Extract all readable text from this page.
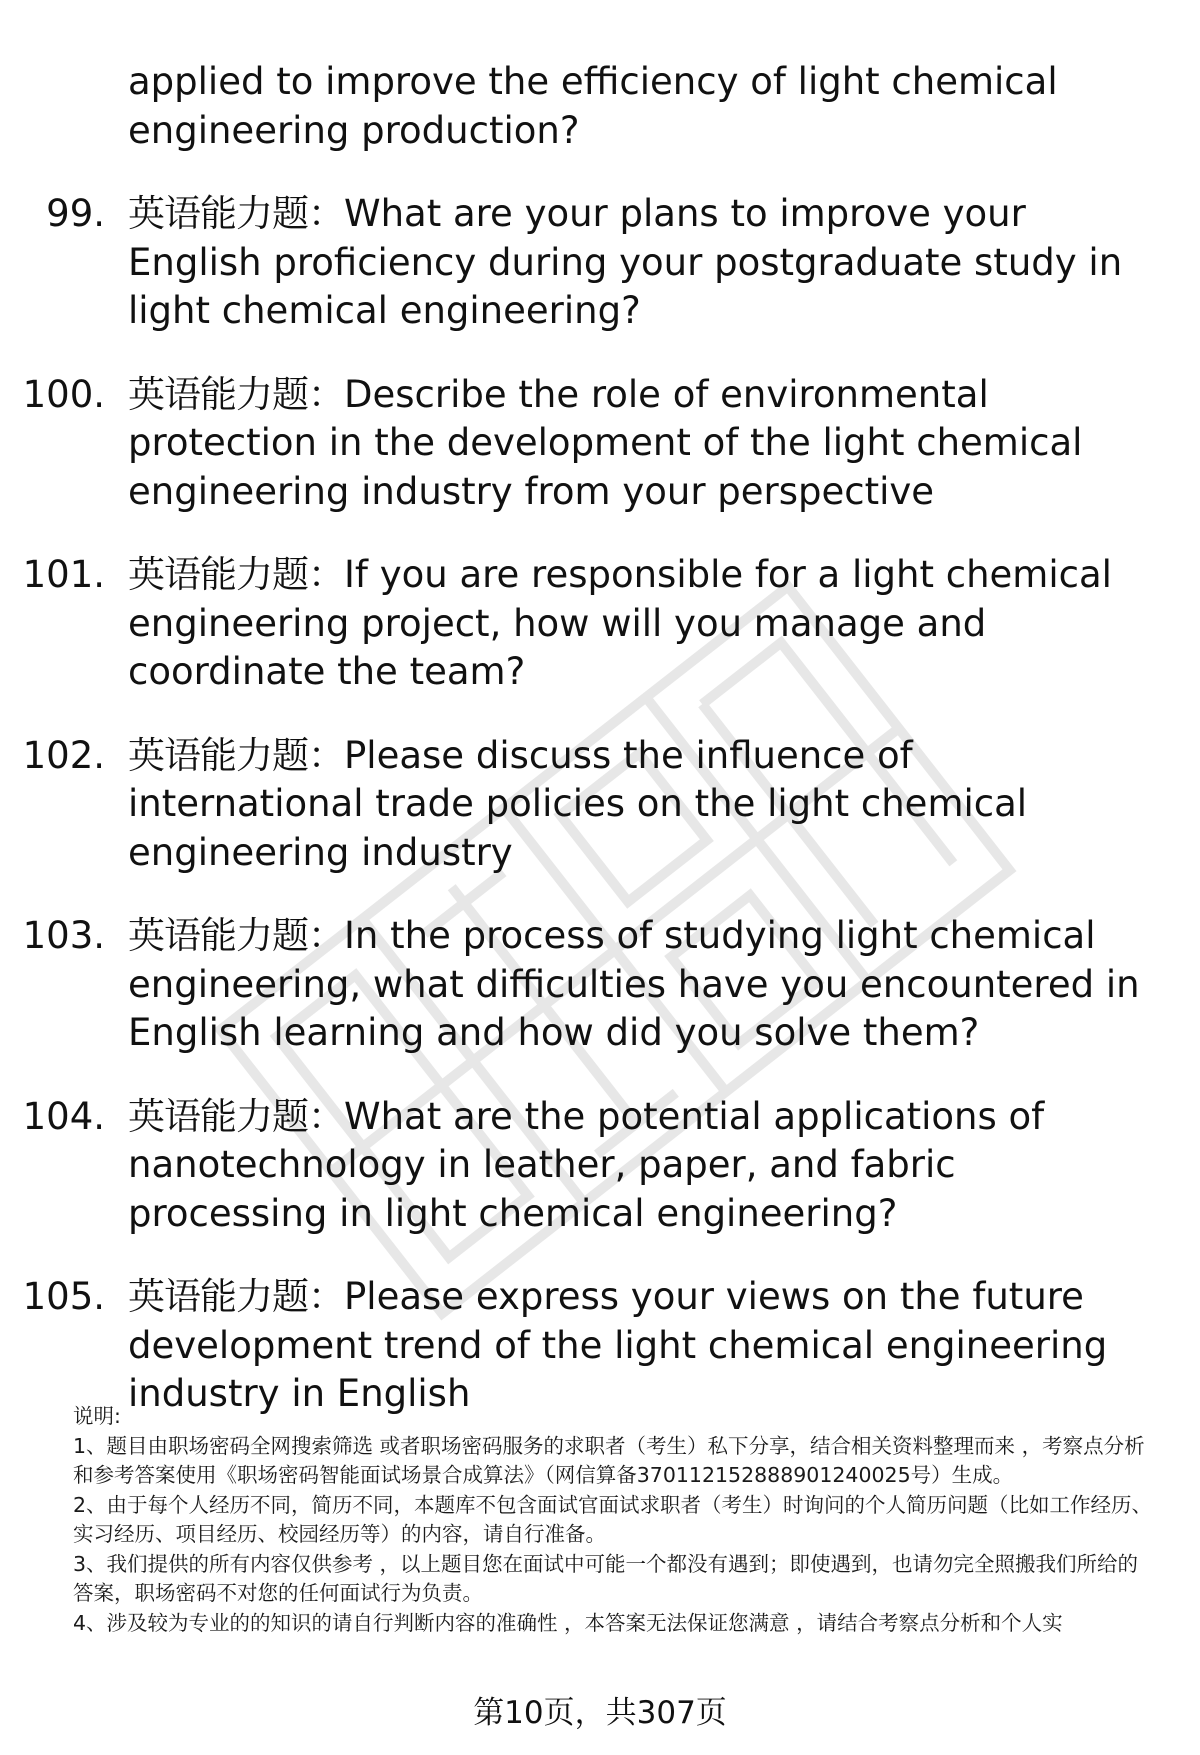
applied to improve the efficiency of light chemical engineering production?
99. 英语能力题：What are your plans to improve your English proficiency during your postgraduate study in light chemical engineering?
100. 英语能力题：Describe the role of environmental protection in the development of the light chemical engineering industry from your perspective
101. 英语能力题：If you are responsible for a light chemical engineering project, how will you manage and coordinate the team?
102. 英语能力题：Please discuss the influence of international trade policies on the light chemical engineering industry
103. 英语能力题：In the process of studying light chemical engineering, what difficulties have you encountered in English learning and how did you solve them?
104. 英语能力题：What are the potential applications of nanotechnology in leather, paper, and fabric processing in light chemical engineering?
105. 英语能力题：Please express your views on the future development trend of the light chemical engineering industry in English

说明:

1、题目由职场密码全网搜索筛选 或者职场密码服务的求职者（考生）私下分享，结合相关资料整理而来 ，考察点分析和参考答案使用《职场密码智能面试场景合成算法》（网信算备370112152888901240025号）生成。

2、由于每个人经历不同，简历不同，本题库不包含面试官面试求职者（考生）时询问的个人简历问题（比如工作经历、实习经历、项目经历、校园经历等）的内容，请自行准备。

3、我们提供的所有内容仅供参考 ，以上题目您在面试中可能一个都没有遇到；即使遇到，也请勿完全照搬我们所给的答案，职场密码不对您的任何面试行为负责。

4、涉及较为专业的的知识的请自行判断内容的准确性 ，本答案无法保证您满意 ，请结合考察点分析和个人实

第10页，共307页
